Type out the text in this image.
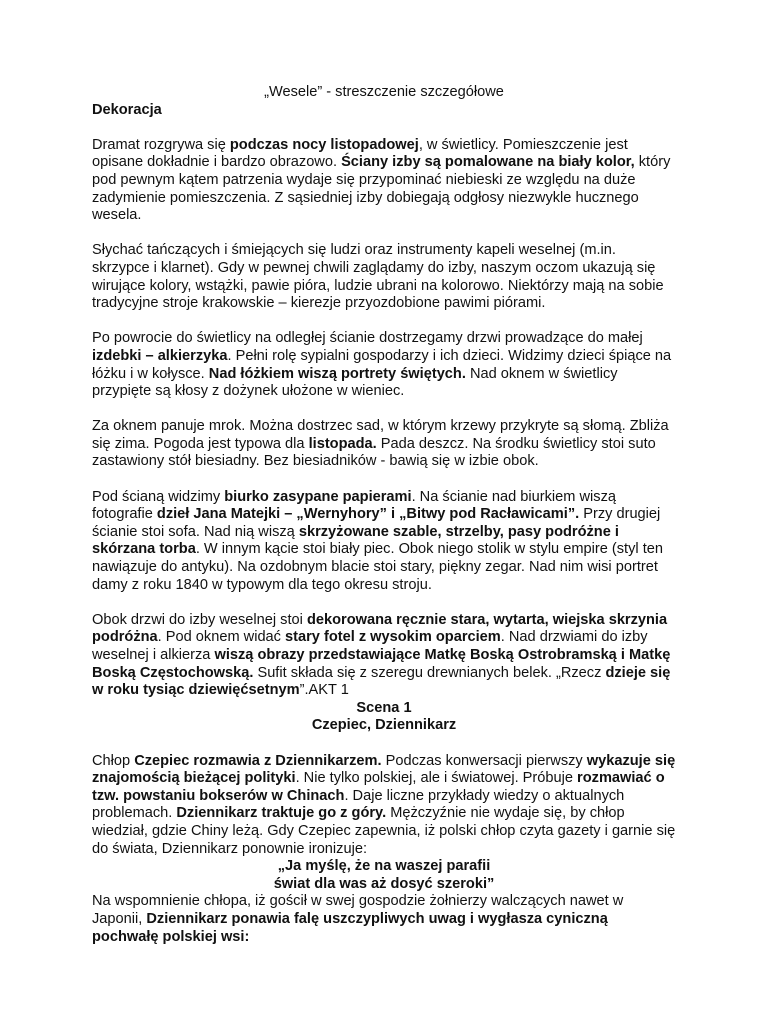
„Wesele” - streszczenie szczegółowe

Dekoracja

Dramat rozgrywa się podczas nocy listopadowej, w świetlicy. Pomieszczenie jest opisane dokładnie i bardzo obrazowo. Ściany izby są pomalowane na biały kolor, który pod pewnym kątem patrzenia wydaje się przypominać niebieski ze względu na duże zadymienie pomieszczenia. Z sąsiedniej izby dobiegają odgłosy niezwykle hucznego wesela.

Słychać tańczących i śmiejących się ludzi oraz instrumenty kapeli weselnej (m.in. skrzypce i klarnet). Gdy w pewnej chwili zaglądamy do izby, naszym oczom ukazują się wirujące kolory, wstążki, pawie pióra, ludzie ubrani na kolorowo. Niektórzy mają na sobie tradycyjne stroje krakowskie – kierezje przyozdobione pawimi piórami.

Po powrocie do świetlicy na odległej ścianie dostrzegamy drzwi prowadzące do małej izdebki – alkierzyka. Pełni rolę sypialni gospodarzy i ich dzieci. Widzimy dzieci śpiące na łóżku i w kołysce. Nad łóżkiem wiszą portrety świętych. Nad oknem w świetlicy przypięte są kłosy z dożynek ułożone w wieniec.

Za oknem panuje mrok. Można dostrzec sad, w którym krzewy przykryte są słomą. Zbliża się zima. Pogoda jest typowa dla listopada. Pada deszcz. Na środku świetlicy stoi suto zastawiony stół biesiadny. Bez biesiadników - bawią się w izbie obok.

Pod ścianą widzimy biurko zasypane papierami. Na ścianie nad biurkiem wiszą fotografie dzieł Jana Matejki – „Wernyhory” i „Bitwy pod Racławicami”. Przy drugiej ścianie stoi sofa. Nad nią wiszą skrzyżowane szable, strzelby, pasy podróżne i skórzana torba. W innym kącie stoi biały piec. Obok niego stolik w stylu empire (styl ten nawiązuje do antyku). Na ozdobnym blacie stoi stary, piękny zegar. Nad nim wisi portret damy z roku 1840 w typowym dla tego okresu stroju.

Obok drzwi do izby weselnej stoi dekorowana ręcznie stara, wytarta, wiejska skrzynia podróżna. Pod oknem widać stary fotel z wysokim oparciem. Nad drzwiami do izby weselnej i alkierza wiszą obrazy przedstawiające Matkę Boską Ostrobramską i Matkę Boską Częstochowską. Sufit składa się z szeregu drewnianych belek. „Rzecz dzieje się w roku tysiąc dziewięćsetnym”.AKT 1

Scena 1

Czepiec, Dziennikarz

Chłop Czepiec rozmawia z Dziennikarzem. Podczas konwersacji pierwszy wykazuje się znajomością bieżącej polityki. Nie tylko polskiej, ale i światowej. Próbuje rozmawiać o tzw. powstaniu bokserów w Chinach. Daje liczne przykłady wiedzy o aktualnych problemach. Dziennikarz traktuje go z góry. Mężczyźnie nie wydaje się, by chłop wiedział, gdzie Chiny leżą. Gdy Czepiec zapewnia, iż polski chłop czyta gazety i garnie się do świata, Dziennikarz ponownie ironizuje:

„Ja myślę, że na waszej parafii

świat dla was aż dosyć szeroki”

Na wspomnienie chłopa, iż gościł w swej gospodzie żołnierzy walczących nawet w Japonii, Dziennikarz ponawia falę uszczypliwych uwag i wygłasza cyniczną pochwałę polskiej wsi:
